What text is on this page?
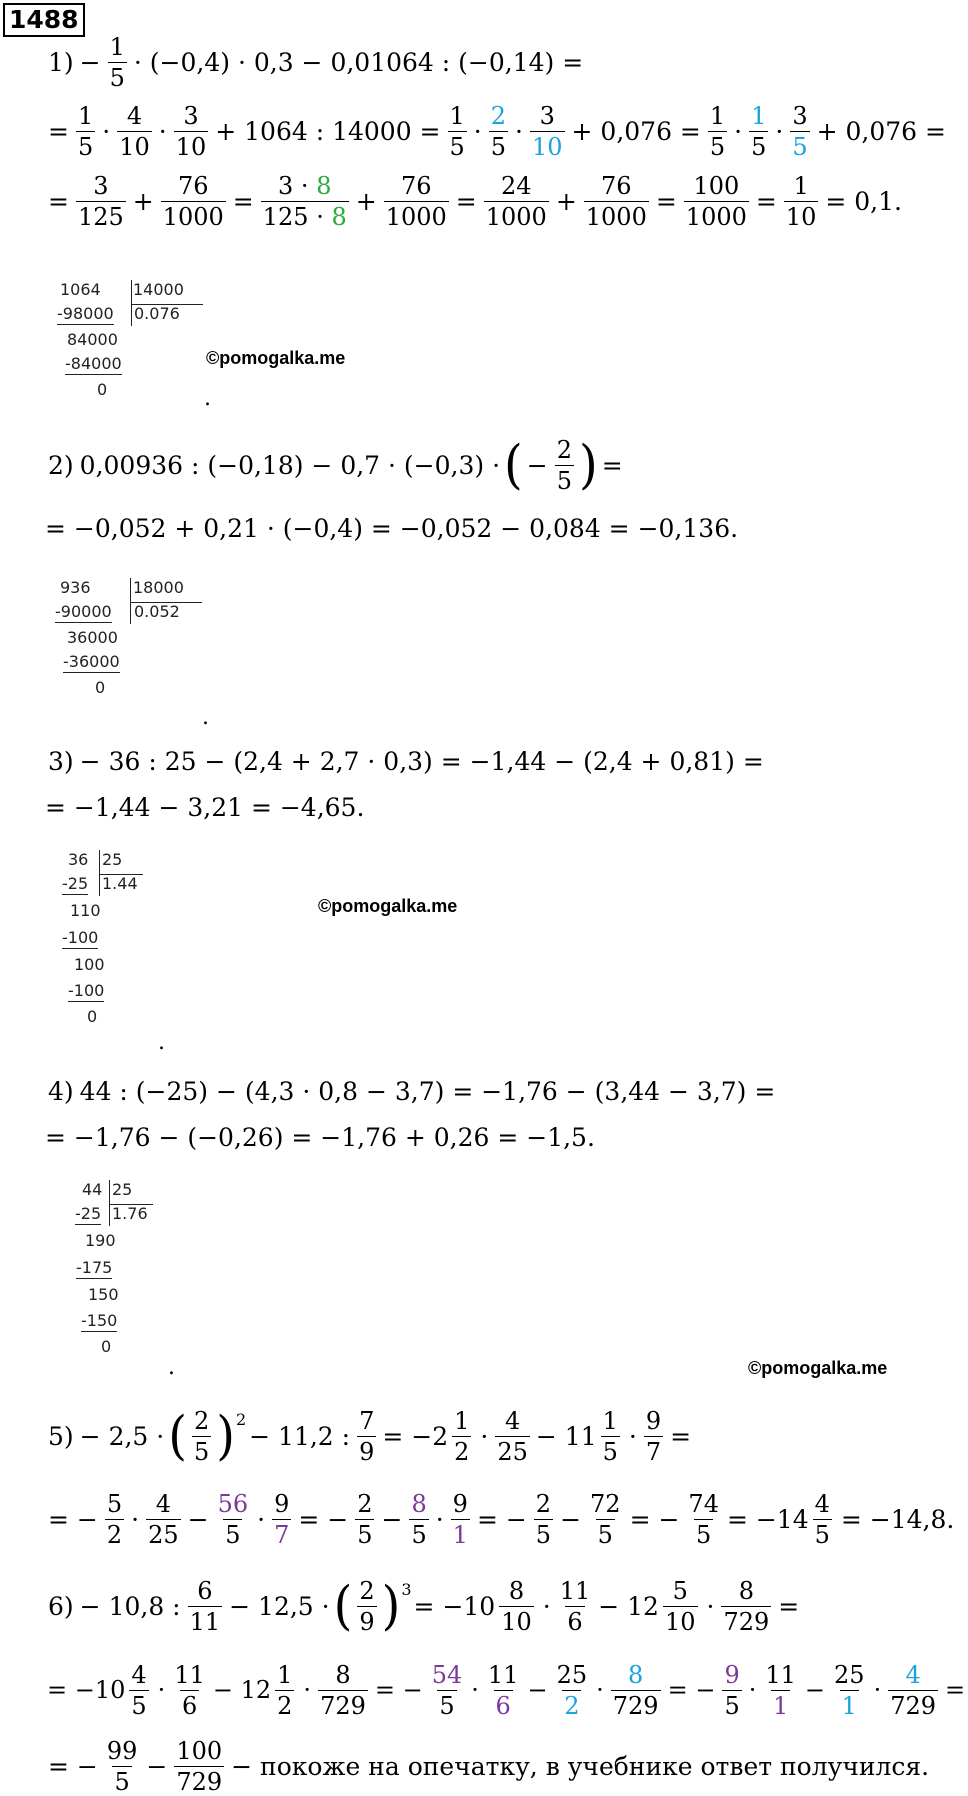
1488
$1) - \frac{1}{5} \cdot (-0,4) \cdot 0,3 - 0,01064$ : (−0,14) =
= $\frac{1}{5}$ ·
4
10
·
3
10
+ 1064 : $14000 = \frac{1}{5}$ ·
2
5
·
3
10
+ $0,076 = \frac{1}{5}$ ·
1
5
·
3
5
+ 0,076 =
= $\frac{3}{125} + \frac{76}{1000} = \frac{3 \cdot 8}{125 \cdot 8} + \frac{76}{1000} = \frac{24}{1000} + \frac{76}{1000} = \frac{100}{1000} = \frac{1}{10} = 0,1$.
1064 14000
-98000 0.076
84000
-84000
0
©pomogalka.me
.
2) 0,00936 : (−0,18) − 0,7 · (−0,3) · ( − $\frac{2}{5}$ ) =
= −0,052 + 0,21 · (−0,4) = −0,052 − 0,084 = −0,136.
936	18000
-90000 0.052
36000
-36000
0
.
3) − 36 : 25 − (2,4 + 2,7 · 0,3) = −1,44 − (2,4 + 0,81) =
= −1,44 − 3,21 = −4,65.
36 25
-25 1.44
110
-100
100
-100
0
©pomogalka.me
.
4) 44 : (−25) − (4,3 · 0,8 − 3,7) = −1,76 − (3,44 − 3,7) =
= −1,76 − (−0,26) = −1,76 + 0,26 = −1,5.
44 25
-25 1.76
190
-175
150
-150
0
.	©pomogalka.me
5) − 2,5 · ( 2
5 ) 2
− 11,2 : $\frac{7}{9} = -2$
1
2
·
4
25
− 11
1
5
· $\frac{9}{7}$ =
= − $\frac{5}{2}$ ·
4
25
− $\frac{56}{5} \cdot \frac{9}{7}$ = − $\frac{2}{5} - \frac{8}{5} \cdot \frac{9}{1}$ = − $\frac{2}{5} - \frac{72}{5}$ = − $\frac{74}{5} = -14$
4
5
= −14,8.
6) − 10,8 :
6
11
− 12,5 · ( 2
9 ) 3
= −10
8
10
·
11
6
− 12
5
10
· $\frac{8}{729}$ =
= −10
4
5
·
11
6
− 12
1
2
· $\frac{8}{729}$ = − $\frac{54}{5}$ ·
11
6
− $\frac{25}{2} \cdot \frac{8}{729}$ = − $\frac{9}{5}$ ·
11
1
− $\frac{25}{1} \cdot \frac{4}{729}$ =
= − $\frac{99}{5} - \frac{100}{729}$ − покоже на опечатку, в учебнике ответ получился.
